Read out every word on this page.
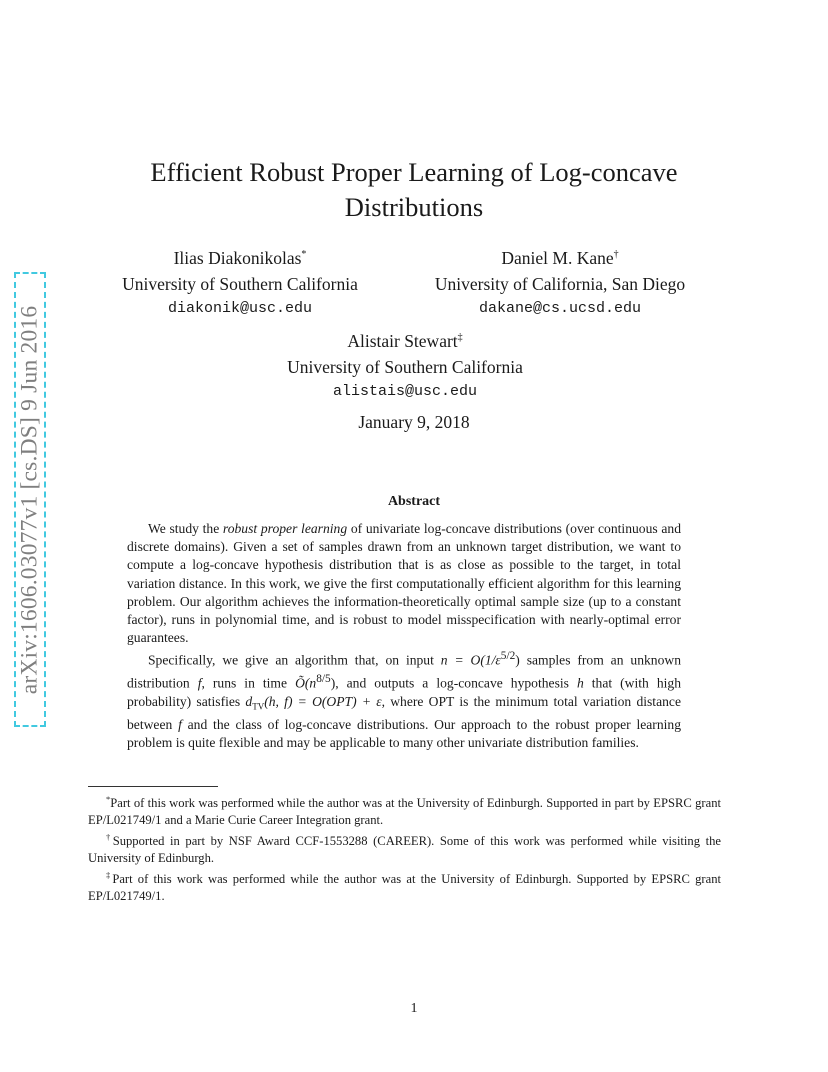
arXiv:1606.03077v1 [cs.DS] 9 Jun 2016
Efficient Robust Proper Learning of Log-concave
Distributions
Ilias Diakonikolas*
University of Southern California
diakonik@usc.edu
Daniel M. Kane†
University of California, San Diego
dakane@cs.ucsd.edu
Alistair Stewart‡
University of Southern California
alistais@usc.edu
January 9, 2018
Abstract

We study the robust proper learning of univariate log-concave distributions (over continuous and discrete domains). Given a set of samples drawn from an unknown target distribution, we want to compute a log-concave hypothesis distribution that is as close as possible to the target, in total variation distance. In this work, we give the first computationally efficient algorithm for this learning problem. Our algorithm achieves the information-theoretically optimal sample size (up to a constant factor), runs in polynomial time, and is robust to model misspecification with nearly-optimal error guarantees.

Specifically, we give an algorithm that, on input $n = O(1/\varepsilon^{5/2})$ samples from an unknown distribution f, runs in time $Õ(n^{8/5})$, and outputs a log-concave hypothesis h that (with high probability) satisfies $d_{TV}(h$, f) = O(OPT) + ε, where OPT is the minimum total variation distance between f and the class of log-concave distributions. Our approach to the robust proper learning problem is quite flexible and may be applicable to many other univariate distribution families.

*Part of this work was performed while the author was at the University of Edinburgh. Supported in part by EPSRC grant EP/L021749/1 and a Marie Curie Career Integration grant.

†Supported in part by NSF Award CCF-1553288 (CAREER). Some of this work was performed while visiting the University of Edinburgh.

‡Part of this work was performed while the author was at the University of Edinburgh. Supported by EPSRC grant EP/L021749/1.

1
